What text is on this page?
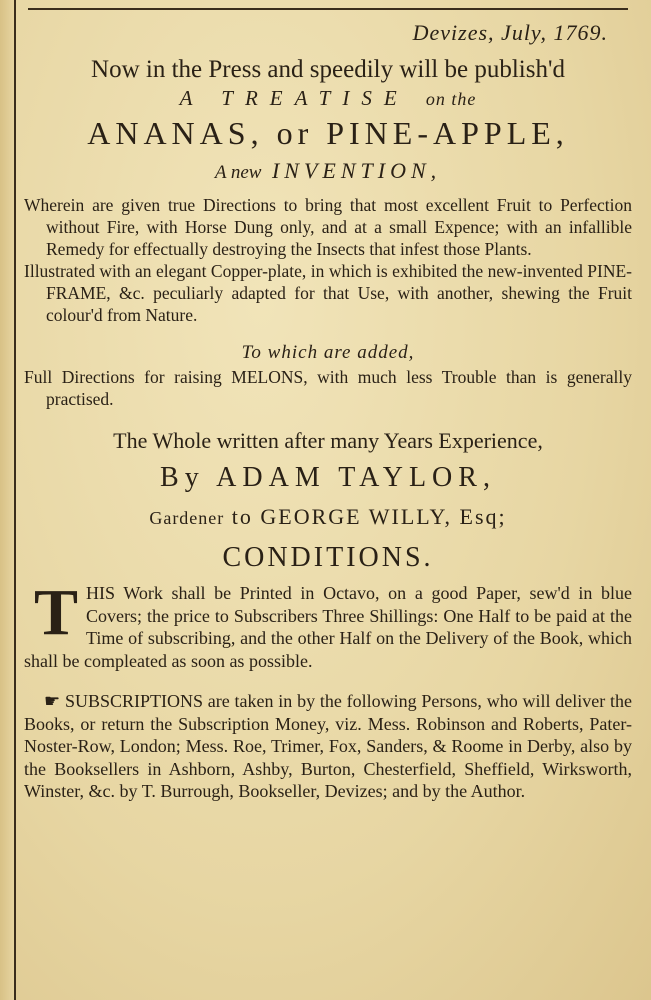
Devizes, July, 1769.
Now in the Press and speedily will be publish'd
A TREATISE on the
ANANAS, or PINE-APPLE,
A new INVENTION,

Wherein are given true Directions to bring that most excellent Fruit to Perfection without Fire, with Horse Dung only, and at a small Expence; with an infallible Remedy for effectually destroying the Insects that infest those Plants.

Illustrated with an elegant Copper-plate, in which is exhibited the new-invented PINE-FRAME, &c. peculiarly adapted for that Use, with another, shewing the Fruit colour'd from Nature.

To which are added,

Full Directions for raising MELONS, with much less Trouble than is generally practised.

The Whole written after many Years Experience,
By ADAM TAYLOR,
Gardener to GEORGE WILLY, Esq;
CONDITIONS.
T HIS Work shall be Printed in Octavo, on a good Paper, sew'd in blue Covers; the price to Subscribers Three Shillings: One Half to be paid at the Time of subscribing, and the other Half on the Delivery of the Book, which shall be compleated as soon as possible.

☛ SUBSCRIPTIONS are taken in by the following Persons, who will deliver the Books, or return the Subscription Money, viz. Mess. Robinson and Roberts, Pater-Noster-Row, London; Mess. Roe, Trimer, Fox, Sanders, & Roome in Derby, also by the Booksellers in Ashborn, Ashby, Burton, Chesterfield, Sheffield, Wirksworth, Winster, &c. by T. Burrough, Bookseller, Devizes; and by the Author.
